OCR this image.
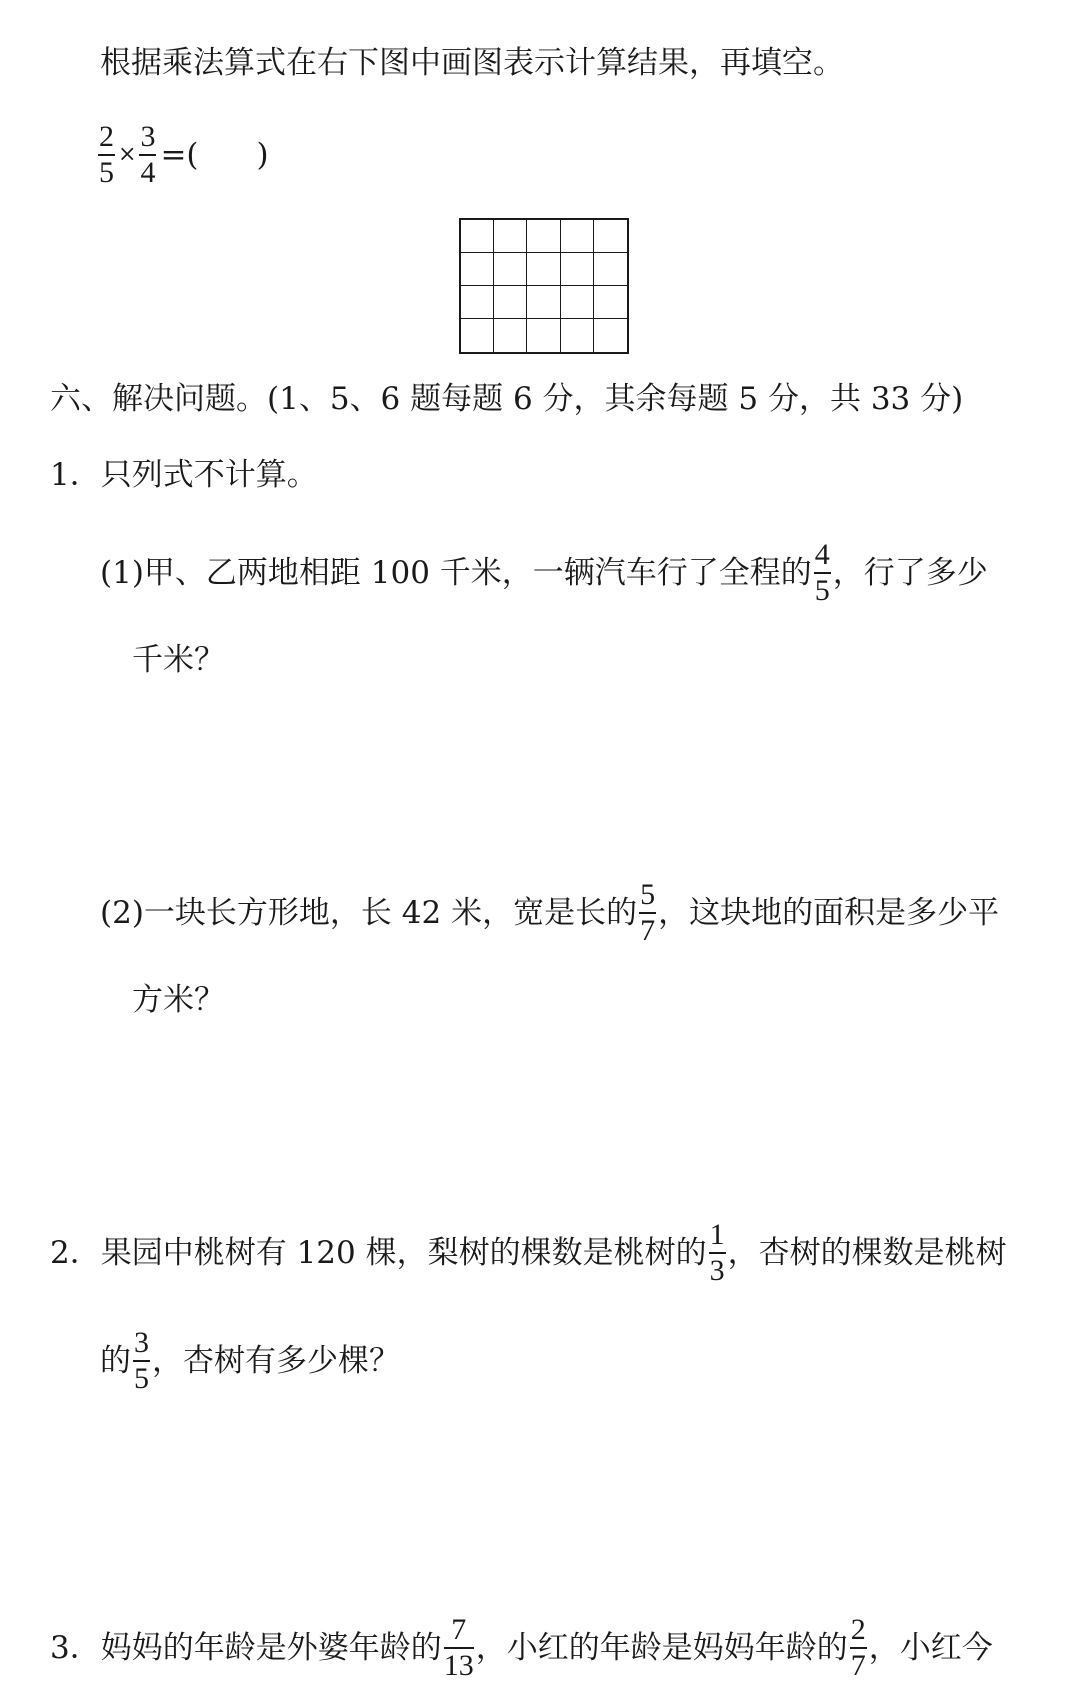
根据乘法算式在右下图中画图表示计算结果，再填空。
$\frac{2}{5} \times \frac{3}{4}$ =( )
六、解决问题。(1、5、6 题每题 6 分，其余每题 5 分，共 33 分)
1．只列式不计算。
(1)甲、乙两地相距 100 千米，一辆汽车行了全程的 $\frac{4}{5}$ ，行了多少
千米？
(2)一块长方形地，长 42 米，宽是长的 $\frac{5}{7}$ ，这块地的面积是多少平
方米？
2．果园中桃树有 120 棵，梨树的棵数是桃树的 $\frac{1}{3}$ ，杏树的棵数是桃树
的 $\frac{3}{5}$ ，杏树有多少棵？
3．妈妈的年龄是外婆年龄的 $\frac{7}{13}$ ，小红的年龄是妈妈年龄的 $\frac{2}{7}$ ，小红今
